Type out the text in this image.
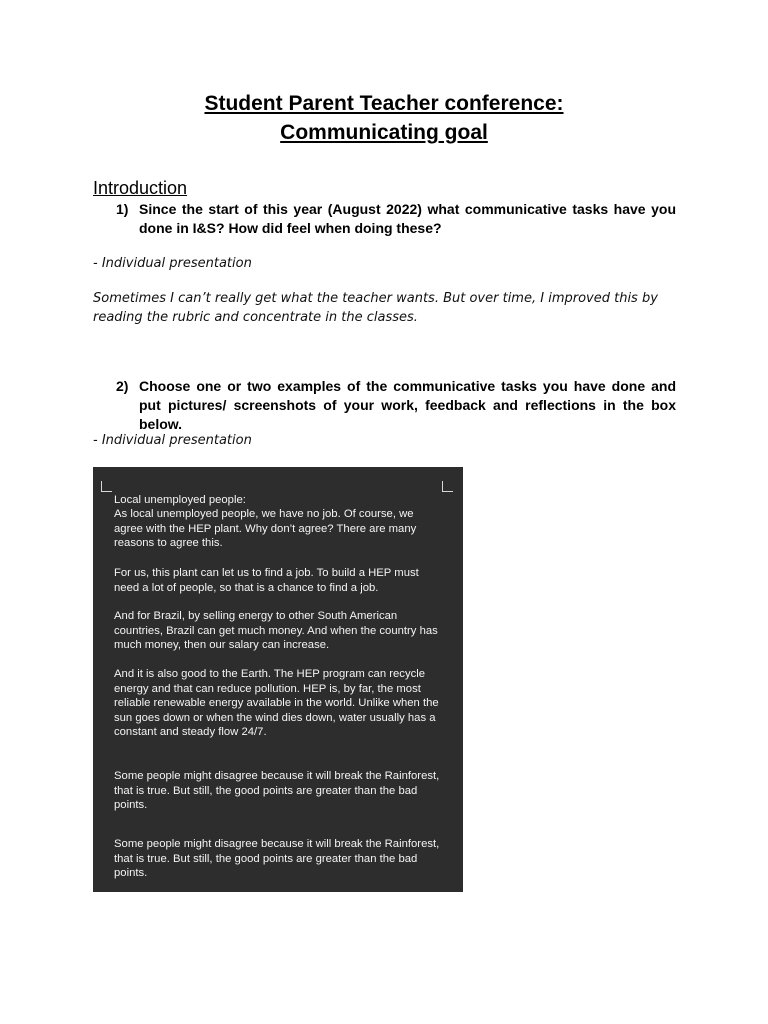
Student Parent Teacher conference:
Communicating goal
Introduction
1) Since the start of this year (August 2022) what communicative tasks have you done in I&S? How did feel when doing these?
- Individual presentation
Sometimes I can’t really get what the teacher wants. But over time, I improved this by reading the rubric and concentrate in the classes.
2) Choose one or two examples of the communicative tasks you have done and put pictures/ screenshots of your work, feedback and reflections in the box below.
- Individual presentation
Local unemployed people:
As local unemployed people, we have no job. Of course, we agree with the HEP plant. Why don’t agree? There are many reasons to agree this.
For us, this plant can let us to find a job. To build a HEP must need a lot of people, so that is a chance to find a job.
And for Brazil, by selling energy to other South American countries, Brazil can get much money. And when the country has much money, then our salary can increase.
And it is also good to the Earth. The HEP program can recycle energy and that can reduce pollution. HEP is, by far, the most reliable renewable energy available in the world. Unlike when the sun goes down or when the wind dies down, water usually has a constant and steady flow 24/7.
Some people might disagree because it will break the Rainforest, that is true. But still, the good points are greater than the bad points.
Some people might disagree because it will break the Rainforest, that is true. But still, the good points are greater than the bad points.
